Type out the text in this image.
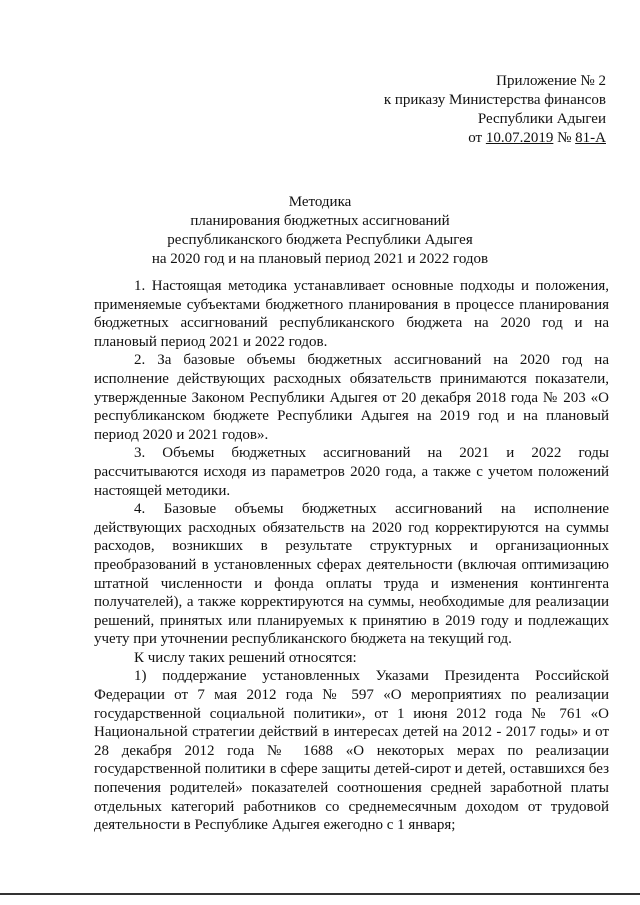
Приложение № 2
к приказу Министерства финансов
Республики Адыгеи
от 10.07.2019 № 81-А
Методика
планирования бюджетных ассигнований
республиканского бюджета Республики Адыгея
на 2020 год и на плановый период 2021 и 2022 годов

1. Настоящая методика устанавливает основные подходы и положения, применяемые субъектами бюджетного планирования в процессе планирования бюджетных ассигнований республиканского бюджета на 2020 год и на плановый период 2021 и 2022 годов.

2. За базовые объемы бюджетных ассигнований на 2020 год на исполнение действующих расходных обязательств принимаются показатели, утвержденные Законом Республики Адыгея от 20 декабря 2018 года № 203 «О республиканском бюджете Республики Адыгея на 2019 год и на плановый период 2020 и 2021 годов».

3. Объемы бюджетных ассигнований на 2021 и 2022 годы рассчитываются исходя из параметров 2020 года, а также с учетом положений настоящей методики.

4. Базовые объемы бюджетных ассигнований на исполнение действующих расходных обязательств на 2020 год корректируются на суммы расходов, возникших в результате структурных и организационных преобразований в установленных сферах деятельности (включая оптимизацию штатной численности и фонда оплаты труда и изменения контингента получателей), а также корректируются на суммы, необходимые для реализации решений, принятых или планируемых к принятию в 2019 году и подлежащих учету при уточнении республиканского бюджета на текущий год.

К числу таких решений относятся:

1) поддержание установленных Указами Президента Российской Федерации от 7 мая 2012 года № 597 «О мероприятиях по реализации государственной социальной политики», от 1 июня 2012 года № 761 «О Национальной стратегии действий в интересах детей на 2012 - 2017 годы» и от 28 декабря 2012 года № 1688 «О некоторых мерах по реализации государственной политики в сфере защиты детей-сирот и детей, оставшихся без попечения родителей» показателей соотношения средней заработной платы отдельных категорий работников со среднемесячным доходом от трудовой деятельности в Республике Адыгея ежегодно с 1 января;
